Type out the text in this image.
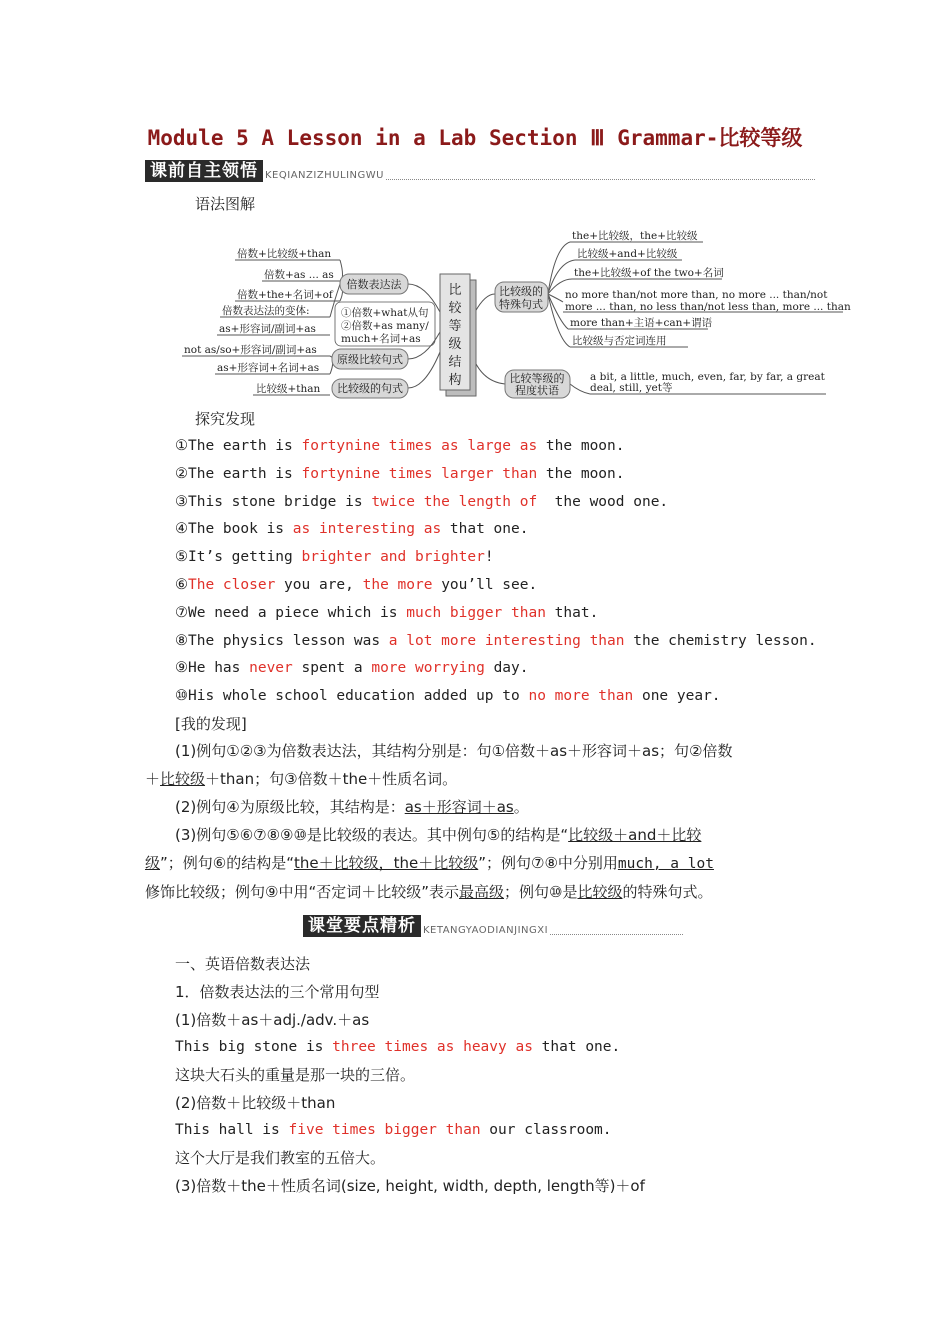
Module 5 A Lesson in a Lab Section Ⅲ Grammar-比较等级
课前自主领悟 KEQIANZIZHULINGWU
语法图解
比
较
等
级
结
构
倍数表达法
原级比较句式
比较级的句式
比较级的
特殊句式
比较等级的
程度状语
倍数+比较级+than
倍数+as ... as
倍数+the+名词+of
倍数表达法的变体:	①倍数+what从句
②倍数+as many/
much+名词+as
as+形容词/副词+as
not as/so+形容词/副词+as
as+形容词+名词+as
比较级+than
the+比较级，the+比较级
比较级+and+比较级
the+比较级+of the two+名词
no more than/not more than, no more ... than/not
more ... than, no less than/not less than, more ... than
more than+主语+can+谓语
比较级与否定词连用
a bit, a little, much, even, far, by far, a great
deal, still, yet等
探究发现
①The earth is fortynine times as large as the moon.
②The earth is fortynine times larger than the moon.
③This stone bridge is twice the length of  the wood one.
④The book is as interesting as that one.
⑤It’s getting brighter and brighter!
⑥The closer you are, the more you’ll see.
⑦We need a piece which is much bigger than that.
⑧The physics lesson was a lot more interesting than the chemistry lesson.
⑨He has never spent a more worrying day.
⑩His whole school education added up to no more than one year.
[我的发现]
(1)例句①②③为倍数表达法，其结构分别是：句①倍数＋as＋形容词＋as；句②倍数
＋比较级＋than；句③倍数＋the＋性质名词。
(2)例句④为原级比较，其结构是：as＋形容词＋as。
(3)例句⑤⑥⑦⑧⑨⑩是比较级的表达。其中例句⑤的结构是“比较级＋and＋比较
级”；例句⑥的结构是“the＋比较级，the＋比较级”；例句⑦⑧中分别用much, a lot
修饰比较级；例句⑨中用“否定词＋比较级”表示最高级；例句⑩是比较级的特殊句式。
课堂要点精析 KETANGYAODIANJINGXI
一、英语倍数表达法
1．倍数表达法的三个常用句型
(1)倍数＋as＋adj./adv.＋as
This big stone is three times as heavy as that one.
这块大石头的重量是那一块的三倍。
(2)倍数＋比较级＋than
This hall is five times bigger than our classroom.
这个大厅是我们教室的五倍大。
(3)倍数＋the＋性质名词(size, height, width, depth, length等)＋of
